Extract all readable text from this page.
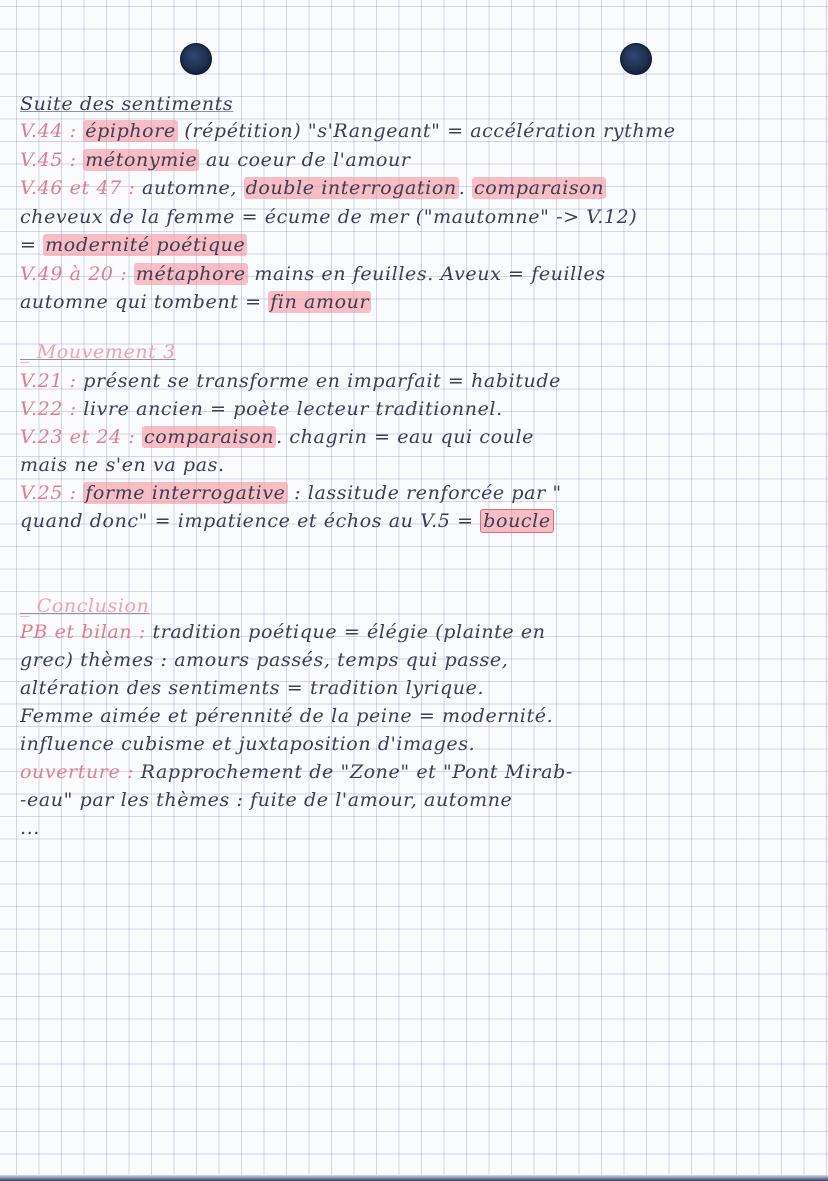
Suite des sentiments
V.44 : épiphore (répétition) "s'Rangeant" = accélération rythme
V.45 : métonymie au coeur de l'amour
V.46 et 47 : automne, double interrogation . comparaison
cheveux de la femme = écume de mer ("mautomne" -> V.12)
= modernité poétique
V.49 à 20 : métaphore mains en feuilles. Aveux = feuilles
automne qui tombent = fin amour
_ Mouvement 3
V.21 : présent se transforme en imparfait = habitude
V.22 : livre ancien = poète lecteur traditionnel.
V.23 et 24 : comparaison . chagrin = eau qui coule
mais ne s'en va pas.
V.25 : forme interrogative : lassitude renforcée par "
quand donc" = impatience et échos au V.5 = boucle
_ Conclusion
PB et bilan : tradition poétique = élégie (plainte en
grec) thèmes : amours passés, temps qui passe,
altération des sentiments = tradition lyrique.
Femme aimée et pérennité de la peine = modernité.
influence cubisme et juxtaposition d'images.
ouverture : Rapprochement de "Zone" et "Pont Mirab-
-eau" par les thèmes : fuite de l'amour, automne
...
